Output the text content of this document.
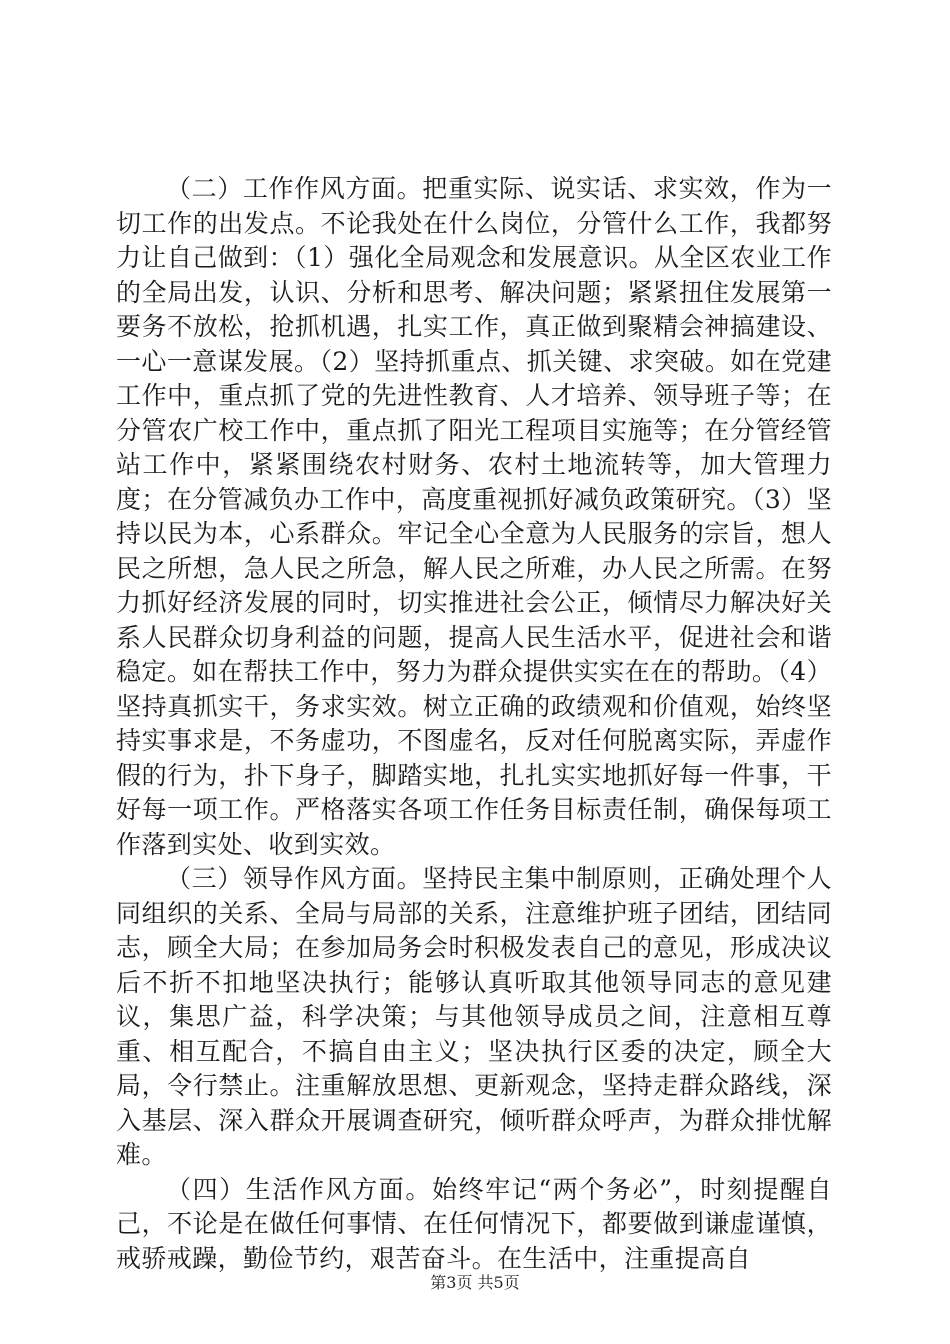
（二）工作作风方面。把重实际、说实话、求实效，作为一切工作的出发点。不论我处在什么岗位，分管什么工作，我都努力让自己做到：（1）强化全局观念和发展意识。从全区农业工作的全局出发，认识、分析和思考、解决问题；紧紧扭住发展第一要务不放松，抢抓机遇，扎实工作，真正做到聚精会神搞建设、一心一意谋发展。（2）坚持抓重点、抓关键、求突破。如在党建工作中，重点抓了党的先进性教育、人才培养、领导班子等；在分管农广校工作中，重点抓了阳光工程项目实施等；在分管经管站工作中，紧紧围绕农村财务、农村土地流转等，加大管理力度；在分管减负办工作中，高度重视抓好减负政策研究。（3）坚持以民为本，心系群众。牢记全心全意为人民服务的宗旨，想人民之所想，急人民之所急，解人民之所难，办人民之所需。在努力抓好经济发展的同时，切实推进社会公正，倾情尽力解决好关系人民群众切身利益的问题，提高人民生活水平，促进社会和谐稳定。如在帮扶工作中，努力为群众提供实实在在的帮助。（4）坚持真抓实干，务求实效。树立正确的政绩观和价值观，始终坚持实事求是，不务虚功，不图虚名，反对任何脱离实际，弄虚作假的行为，扑下身子，脚踏实地，扎扎实实地抓好每一件事，干好每一项工作。严格落实各项工作任务目标责任制，确保每项工作落到实处、收到实效。

（三）领导作风方面。坚持民主集中制原则，正确处理个人同组织的关系、全局与局部的关系，注意维护班子团结，团结同志，顾全大局；在参加局务会时积极发表自己的意见，形成决议后不折不扣地坚决执行；能够认真听取其他领导同志的意见建议，集思广益，科学决策；与其他领导成员之间，注意相互尊重、相互配合，不搞自由主义；坚决执行区委的决定，顾全大局，令行禁止。注重解放思想、更新观念，坚持走群众路线，深入基层、深入群众开展调查研究，倾听群众呼声，为群众排忧解难。

（四）生活作风方面。始终牢记“两个务必”，时刻提醒自己，不论是在做任何事情、在任何情况下，都要做到谦虚谨慎，戒骄戒躁，勤俭节约，艰苦奋斗。在生活中，注重提高自

第3页 共5页
